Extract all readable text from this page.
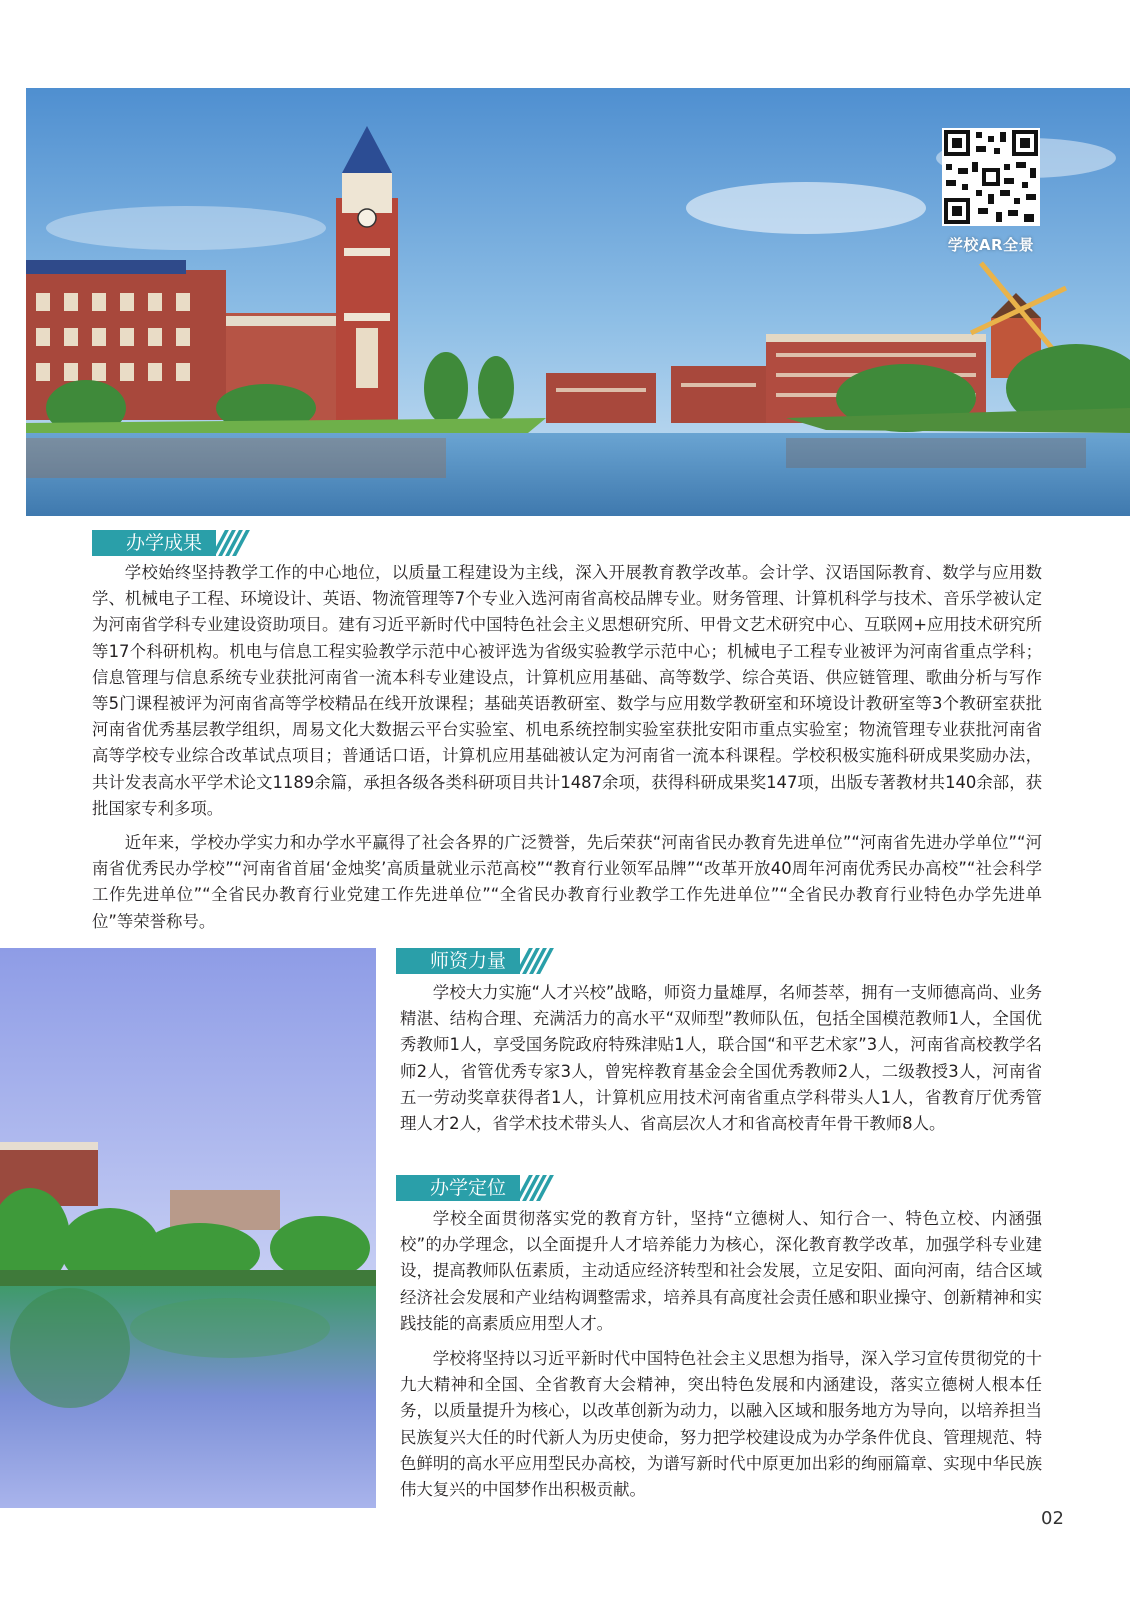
学校AR全景
办学成果

学校始终坚持教学工作的中心地位，以质量工程建设为主线，深入开展教育教学改革。会计学、汉语国际教育、数学与应用数学、机械电子工程、环境设计、英语、物流管理等7个专业入选河南省高校品牌专业。财务管理、计算机科学与技术、音乐学被认定为河南省学科专业建设资助项目。建有习近平新时代中国特色社会主义思想研究所、甲骨文艺术研究中心、互联网+应用技术研究所等17个科研机构。机电与信息工程实验教学示范中心被评选为省级实验教学示范中心；机械电子工程专业被评为河南省重点学科；信息管理与信息系统专业获批河南省一流本科专业建设点，计算机应用基础、高等数学、综合英语、供应链管理、歌曲分析与写作等5门课程被评为河南省高等学校精品在线开放课程；基础英语教研室、数学与应用数学教研室和环境设计教研室等3个教研室获批河南省优秀基层教学组织，周易文化大数据云平台实验室、机电系统控制实验室获批安阳市重点实验室；物流管理专业获批河南省高等学校专业综合改革试点项目；普通话口语，计算机应用基础被认定为河南省一流本科课程。学校积极实施科研成果奖励办法，共计发表高水平学术论文1189余篇，承担各级各类科研项目共计1487余项，获得科研成果奖147项，出版专著教材共140余部，获批国家专利多项。

近年来，学校办学实力和办学水平赢得了社会各界的广泛赞誉，先后荣获“河南省民办教育先进单位”“河南省先进办学单位”“河南省优秀民办学校”“河南省首届‘金烛奖’高质量就业示范高校”“教育行业领军品牌”“改革开放40周年河南优秀民办高校”“社会科学工作先进单位”“全省民办教育行业党建工作先进单位”“全省民办教育行业教学工作先进单位”“全省民办教育行业特色办学先进单位”等荣誉称号。

师资力量

学校大力实施“人才兴校”战略，师资力量雄厚，名师荟萃，拥有一支师德高尚、业务精湛、结构合理、充满活力的高水平“双师型”教师队伍，包括全国模范教师1人，全国优秀教师1人，享受国务院政府特殊津贴1人，联合国“和平艺术家”3人，河南省高校教学名师2人，省管优秀专家3人，曾宪梓教育基金会全国优秀教师2人，二级教授3人，河南省五一劳动奖章获得者1人，计算机应用技术河南省重点学科带头人1人，省教育厅优秀管理人才2人，省学术技术带头人、省高层次人才和省高校青年骨干教师8人。

办学定位

学校全面贯彻落实党的教育方针，坚持“立德树人、知行合一、特色立校、内涵强校”的办学理念，以全面提升人才培养能力为核心，深化教育教学改革，加强学科专业建设，提高教师队伍素质，主动适应经济转型和社会发展，立足安阳、面向河南，结合区域经济社会发展和产业结构调整需求，培养具有高度社会责任感和职业操守、创新精神和实践技能的高素质应用型人才。

学校将坚持以习近平新时代中国特色社会主义思想为指导，深入学习宣传贯彻党的十九大精神和全国、全省教育大会精神，突出特色发展和内涵建设，落实立德树人根本任务，以质量提升为核心，以改革创新为动力，以融入区域和服务地方为导向，以培养担当民族复兴大任的时代新人为历史使命，努力把学校建设成为办学条件优良、管理规范、特色鲜明的高水平应用型民办高校，为谱写新时代中原更加出彩的绚丽篇章、实现中华民族伟大复兴的中国梦作出积极贡献。

02
